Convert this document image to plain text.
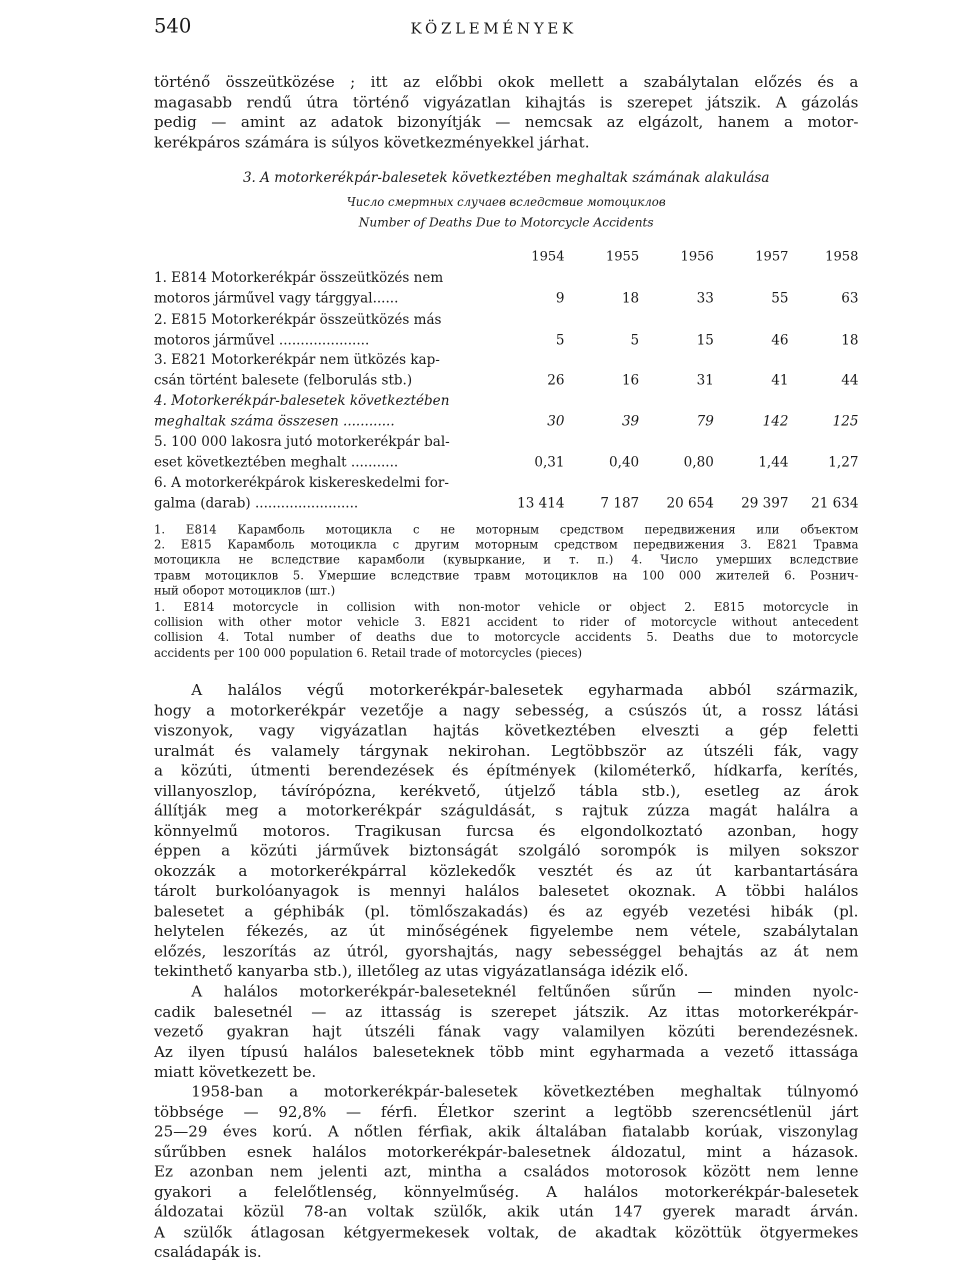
540	KÖZLEMÉNYEK

történő összeütközése ; itt az előbbi okok mellett a szabálytalan előzés és a
magasabb rendű útra történő vigyázatlan kihajtás is szerepet játszik. A gázolás
pedig — amint az adatok bizonyítják — nemcsak az elgázolt, hanem a motor-
kerékpáros számára is súlyos következményekkel járhat.

3. A motorkerékpár-balesetek következtében meghaltak számának alakulása
Число смертных случаев вследствие мотоциклов
Number of Deaths Due to Motorcycle Accidents
1954	1955	1956	1957	1958
1. E814 Motorkerékpár összeütközés nem
motoros járművel vagy tárggyal......	9	18	33	55	63
2. E815 Motorkerékpár összeütközés más
motoros járművel .....................	5	5	15	46	18
3. E821 Motorkerékpár nem ütközés kap-
csán történt balesete (felborulás stb.)	26	16	31	41	44
4. Motorkerékpár-balesetek következtében
meghaltak száma összesen ............	30	39	79	142	125
5. 100 000 lakosra jutó motorkerékpár bal-
eset következtében meghalt ...........	0,31	0,40	0,80	1,44	1,27
6. A motorkerékpárok kiskereskedelmi for-
galma (darab) ........................	13 414	7 187	20 654	29 397	21 634

1. E814 Карамболь мотоцикла с не моторным средством передвижения или объектом
2. E815 Карамболь мотоцикла с другим моторным средством передвижения 3. E821 Травма
мотоцикла не вследствие карамболи (кувыркание, и т. п.) 4. Число умерших вследствие
травм мотоциклов 5. Умершие вследствие травм мотоциклов на 100 000 жителей 6. Рознич-
ный оборот мотоциклов (шт.)

1. E814 motorcycle in collision with non-motor vehicle or object 2. E815 motorcycle in
collision with other motor vehicle 3. E821 accident to rider of motorcycle without antecedent
collision 4. Total number of deaths due to motorcycle accidents 5. Deaths due to motorcycle
accidents per 100 000 population 6. Retail trade of motorcycles (pieces)

A halálos végű motorkerékpár-balesetek egyharmada abból származik,
hogy a motorkerékpár vezetője a nagy sebesség, a csúszós út, a rossz látási
viszonyok, vagy vigyázatlan hajtás következtében elveszti a gép feletti
uralmát és valamely tárgynak nekirohan. Legtöbbször az útszéli fák, vagy
a közúti, útmenti berendezések és építmények (kilométerkő, hídkarfa, kerítés,
villanyoszlop, távírópózna, kerékvető, útjelző tábla stb.), esetleg az árok
állítják meg a motorkerékpár száguldását, s rajtuk zúzza magát halálra a
könnyelmű motoros. Tragikusan furcsa és elgondolkoztató azonban, hogy
éppen a közúti járművek biztonságát szolgáló sorompók is milyen sokszor
okozzák a motorkerékpárral közlekedők vesztét és az út karbantartására
tárolt burkolóanyagok is mennyi halálos balesetet okoznak. A többi halálos
balesetet a géphibák (pl. tömlőszakadás) és az egyéb vezetési hibák (pl.
helytelen fékezés, az út minőségének figyelembe nem vétele, szabálytalan
előzés, leszorítás az útról, gyorshajtás, nagy sebességgel behajtás az át nem
tekinthető kanyarba stb.), illetőleg az utas vigyázatlansága idézik elő.

A halálos motorkerékpár-baleseteknél feltűnően sűrűn — minden nyolc-
cadik balesetnél — az ittasság is szerepet játszik. Az ittas motorkerékpár-
vezető gyakran hajt útszéli fának vagy valamilyen közúti berendezésnek.
Az ilyen típusú halálos baleseteknek több mint egyharmada a vezető ittassága
miatt következett be.

1958-ban a motorkerékpár-balesetek következtében meghaltak túlnyomó
többsége — 92,8% — férfi. Életkor szerint a legtöbb szerencsétlenül járt
25—29 éves korú. A nőtlen férfiak, akik általában fiatalabb korúak, viszonylag
sűrűbben esnek halálos motorkerékpár-balesetnek áldozatul, mint a házasok.
Ez azonban nem jelenti azt, mintha a családos motorosok között nem lenne
gyakori a felelőtlenség, könnyelműség. A halálos motorkerékpár-balesetek
áldozatai közül 78-an voltak szülők, akik után 147 gyerek maradt árván.
A szülők átlagosan kétgyermekesek voltak, de akadtak közöttük ötgyermekes
családapák is.
